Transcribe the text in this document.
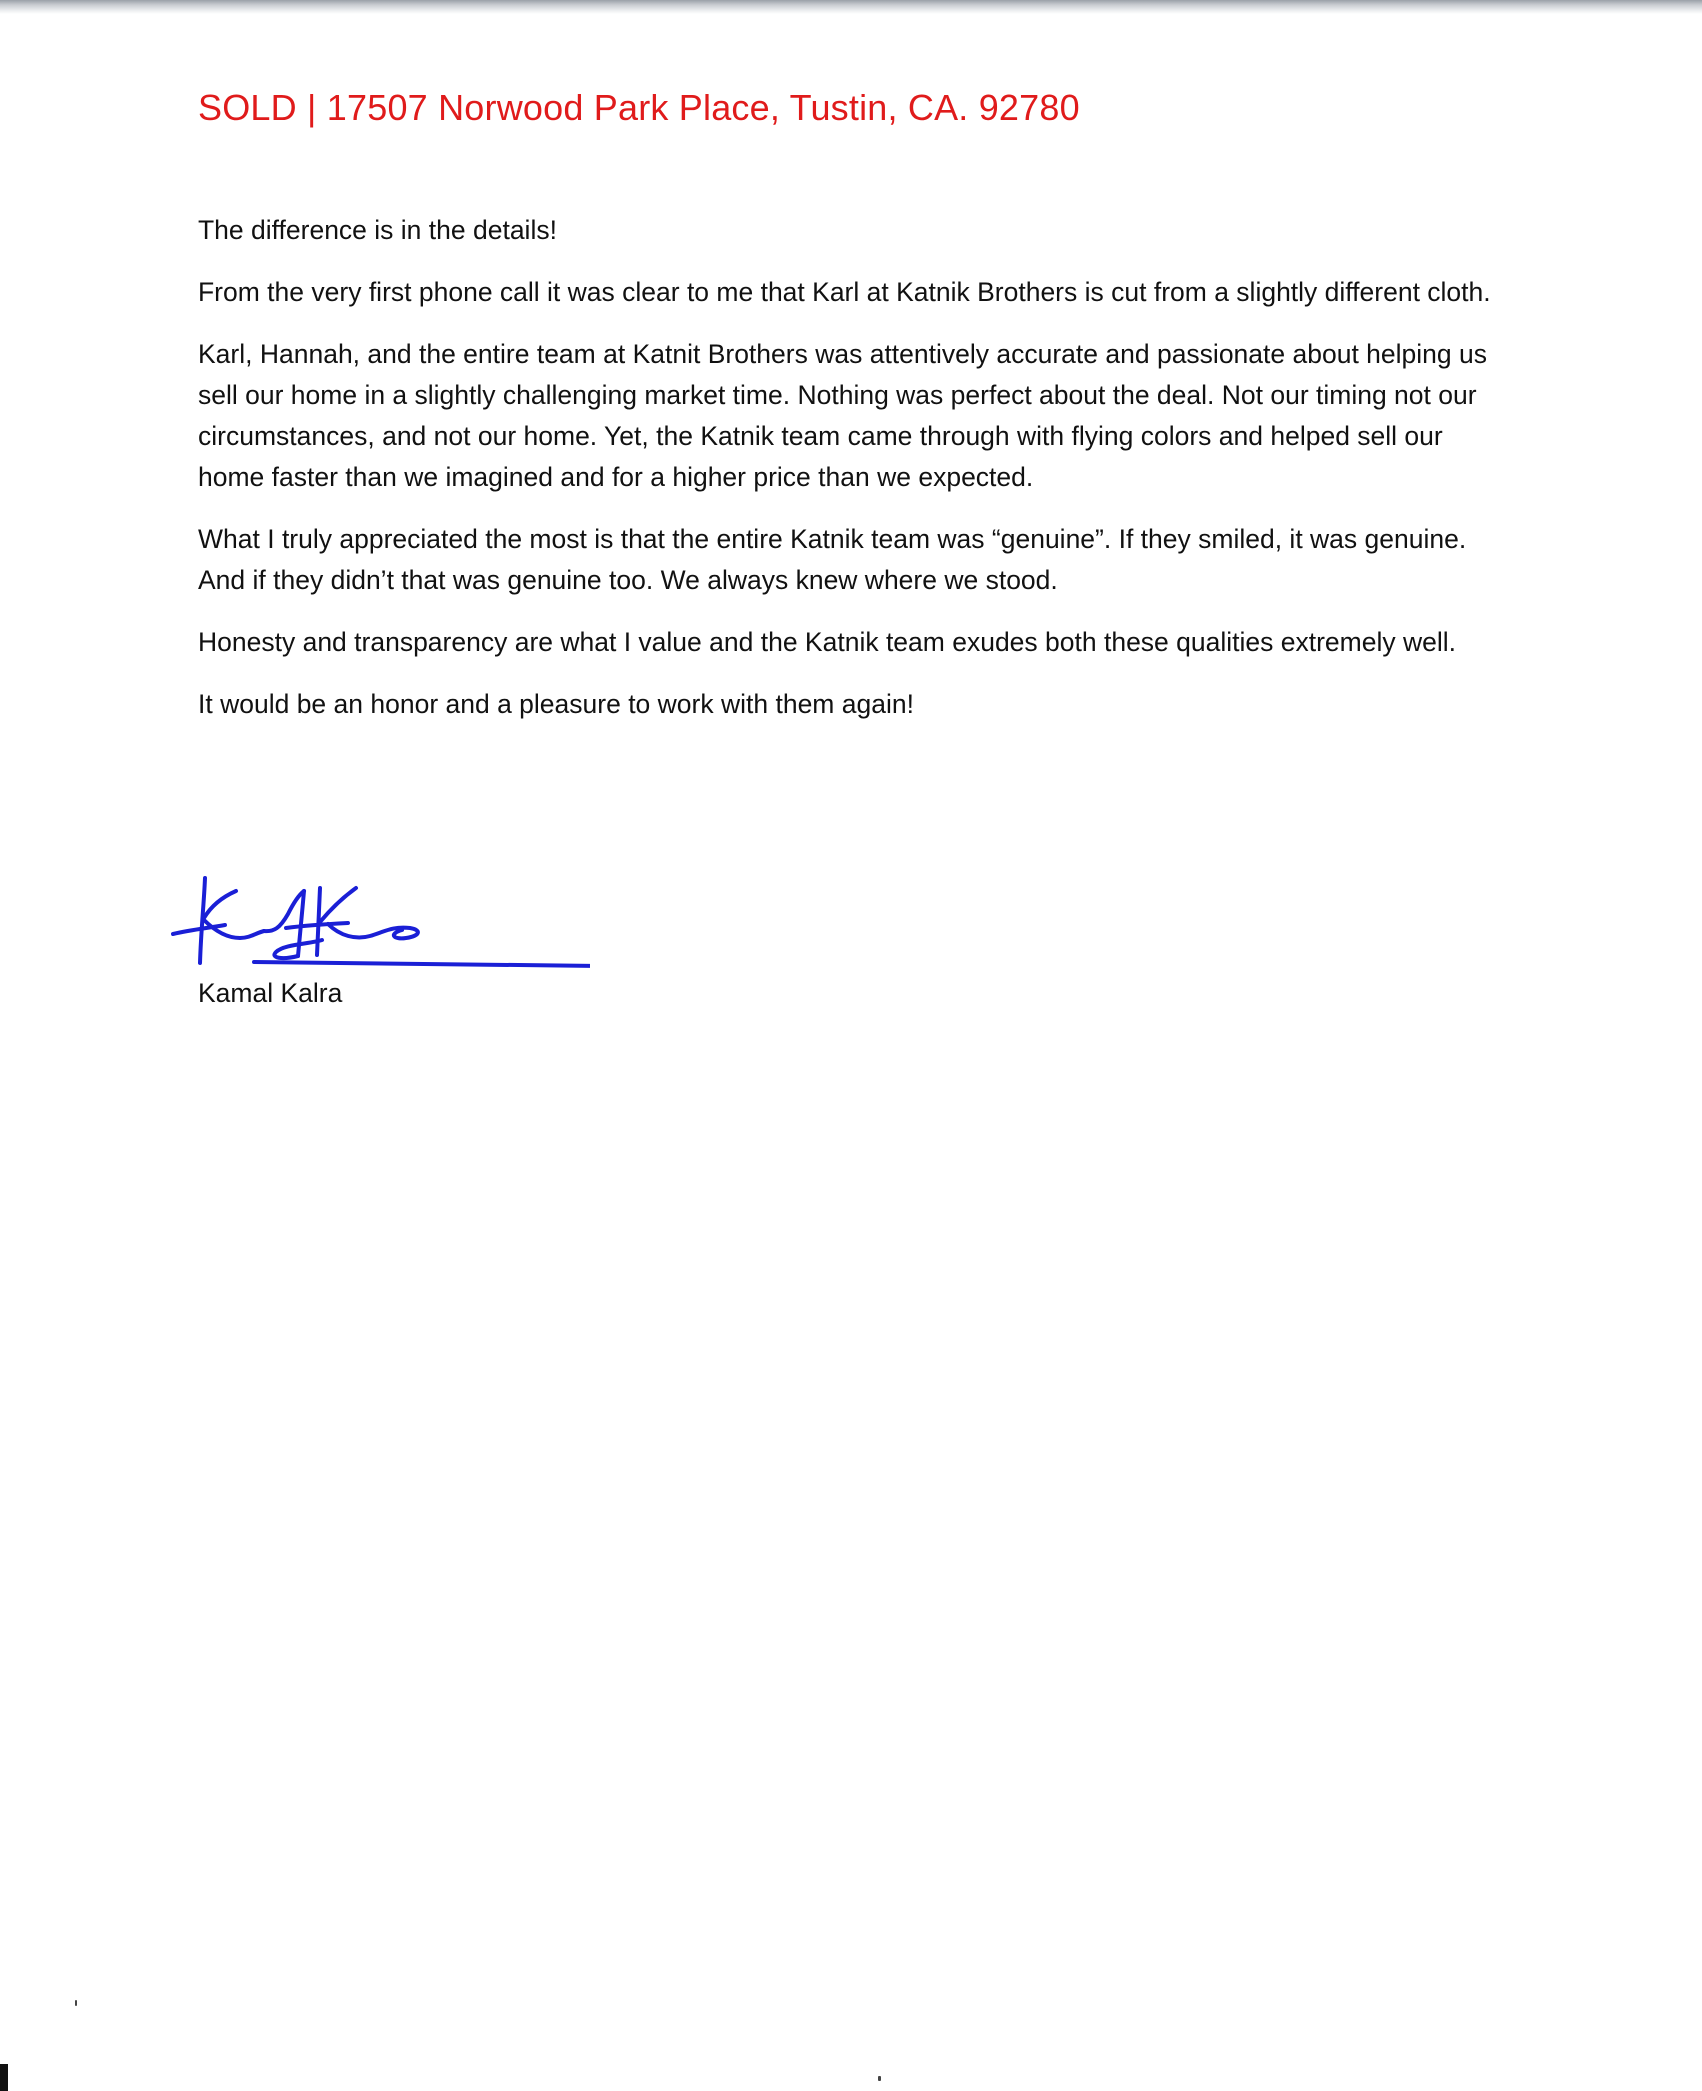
SOLD | 17507 Norwood Park Place, Tustin, CA. 92780

The difference is in the details!

From the very first phone call it was clear to me that Karl at Katnik Brothers is cut from a slightly different cloth.

Karl, Hannah, and the entire team at Katnit Brothers was attentively accurate and passionate about helping us sell our home in a slightly challenging market time. Nothing was perfect about the deal. Not our timing not our circumstances, and not our home. Yet, the Katnik team came through with flying colors and helped sell our home faster than we imagined and for a higher price than we expected.

What I truly appreciated the most is that the entire Katnik team was “genuine”. If they smiled, it was genuine. And if they didn’t that was genuine too. We always knew where we stood.

Honesty and transparency are what I value and the Katnik team exudes both these qualities extremely well.

It would be an honor and a pleasure to work with them again!

Kamal Kalra
